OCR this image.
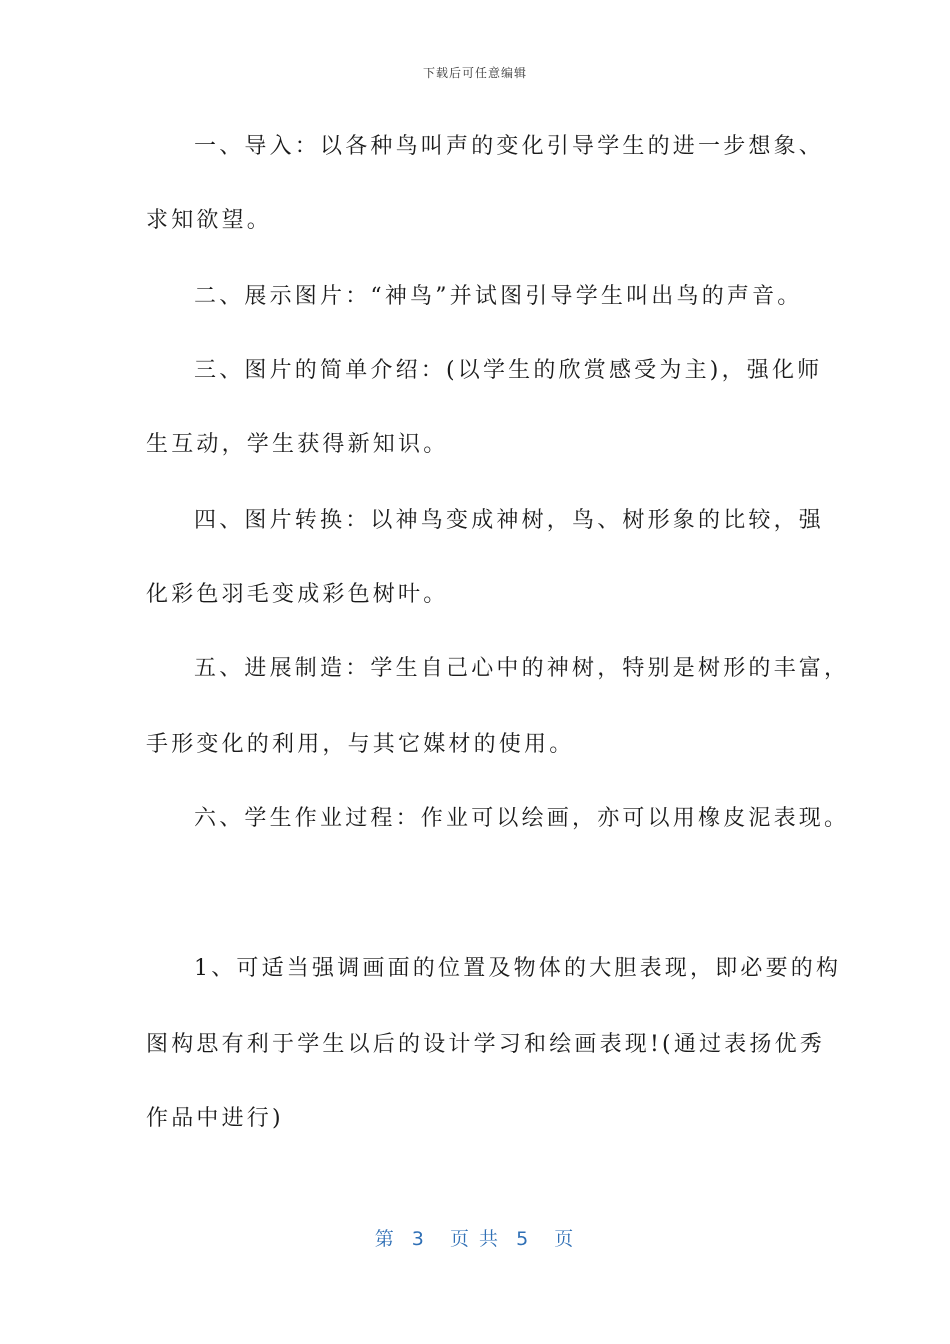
下载后可任意编辑
一、导入：以各种鸟叫声的变化引导学生的进一步想象、
求知欲望。
二、展示图片：“神鸟”并试图引导学生叫出鸟的声音。
三、图片的简单介绍：(以学生的欣赏感受为主)，强化师
生互动，学生获得新知识。
四、图片转换：以神鸟变成神树，鸟、树形象的比较，强
化彩色羽毛变成彩色树叶。
五、进展制造：学生自己心中的神树，特别是树形的丰富，
手形变化的利用，与其它媒材的使用。
六、学生作业过程：作业可以绘画，亦可以用橡皮泥表现。
1、可适当强调画面的位置及物体的大胆表现，即必要的构
图构思有利于学生以后的设计学习和绘画表现!(通过表扬优秀
作品中进行)
第  3   页 共  5   页
